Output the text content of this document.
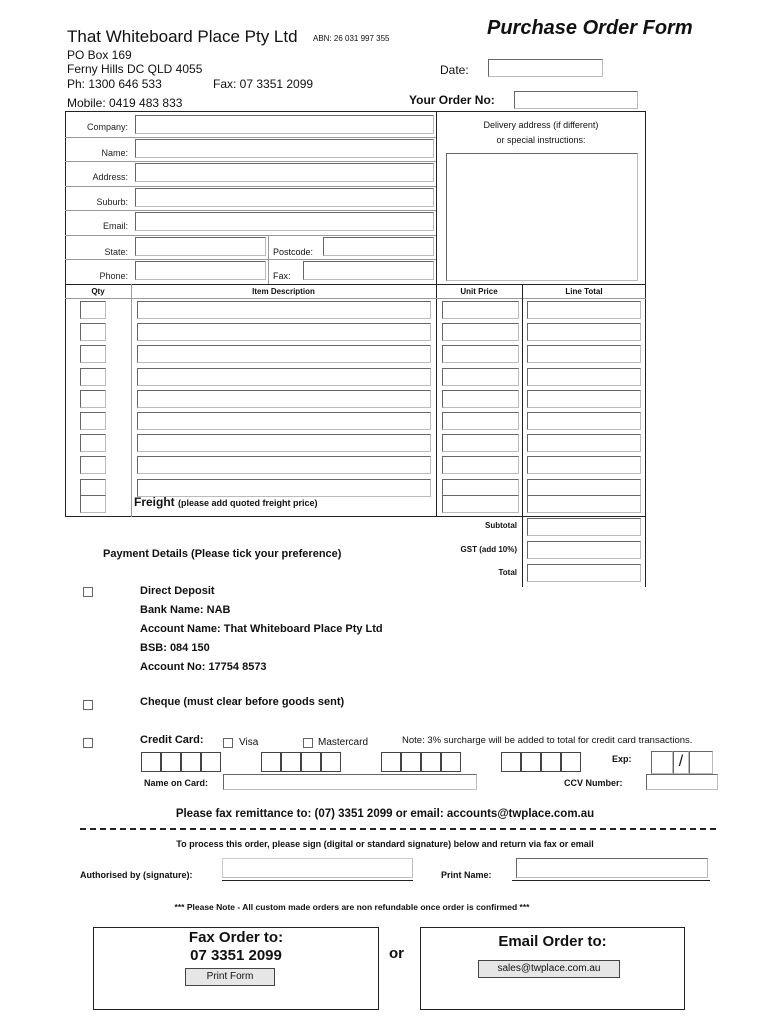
That Whiteboard Place Pty Ltd ABN: 26 031 997 355	Purchase Order Form
PO Box 169
Ferny Hills DC QLD 4055
Ph: 1300 646 533	Fax: 07 3351 2099
Mobile: 0419 483 833
Date:
Your Order No:
Company:
Name:
Address:
Suburb:
Email:
State:	Postcode:
Phone:	Fax:
Delivery address (if different)
or special instructions:
Qty	Item Description	Unit Price	Line Total
Freight (please add quoted freight price)
Subtotal
GST (add 10%)
Total
Payment Details (Please tick your preference)
Direct Deposit
Bank Name: NAB
Account Name: That Whiteboard Place Pty Ltd
BSB: 084 150
Account No: 17754 8573
Cheque (must clear before goods sent)
Credit Card:	Visa	Mastercard	Note: 3% surcharge will be added to total for credit card transactions.
Exp:	/
Name on Card:	CCV Number:
Please fax remittance to: (07) 3351 2099 or email: accounts@twplace.com.au
To process this order, please sign (digital or standard signature) below and return via fax or email
Authorised by (signature):	Print Name:
*** Please Note - All custom made orders are non refundable once order is confirmed ***
Fax Order to:
07 3351 2099
Print Form
or
Email Order to:
sales@twplace.com.au
